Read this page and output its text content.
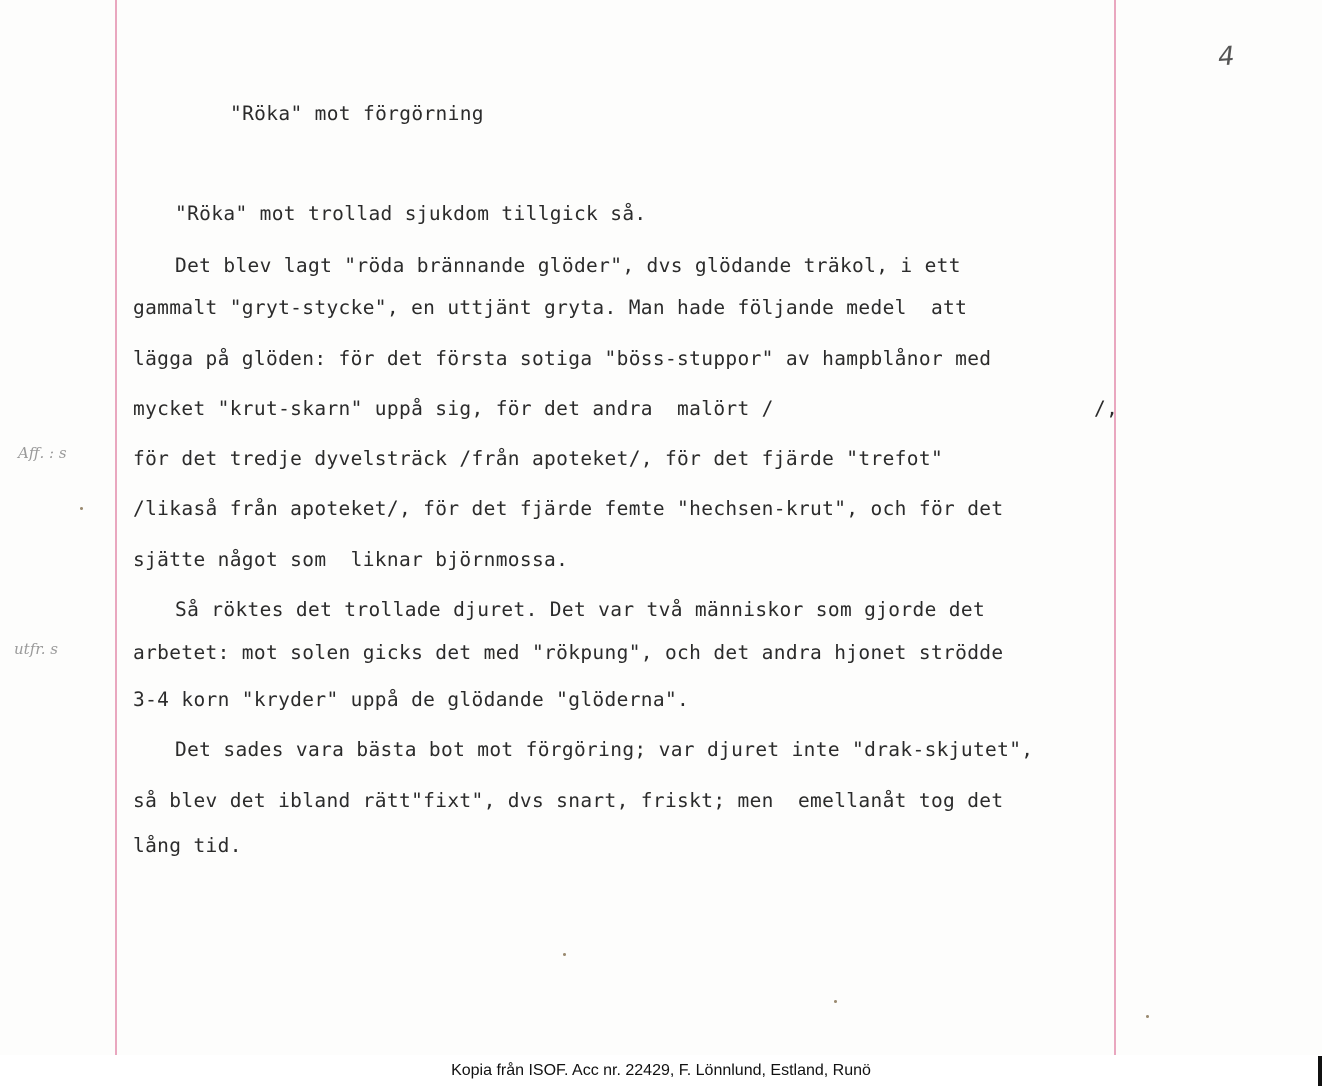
4
"Röka" mot förgörning
"Röka" mot trollad sjukdom tillgick så.
Det blev lagt "röda brännande glöder", dvs glödande träkol, i ett
gammalt "gryt-stycke", en uttjänt gryta. Man hade följande medel  att
lägga på glöden: för det första sotiga "böss-stuppor" av hampblånor med
mycket "krut-skarn" uppå sig, för det andra  malört /	/,
för det tredje dyvelsträck /från apoteket/, för det fjärde "trefot"
/likaså från apoteket/, för det fjärde femte "hechsen-krut", och för det
sjätte något som  liknar björnmossa.
Så röktes det trollade djuret. Det var två människor som gjorde det
arbetet: mot solen gicks det med "rökpung", och det andra hjonet strödde
3-4 korn "kryder" uppå de glödande "glöderna".
Det sades vara bästa bot mot förgöring; var djuret inte "drak-skjutet",
så blev det ibland rätt"fixt", dvs snart, friskt; men  emellanåt tog det
lång tid.
Aff. : s
utfr. s
Kopia från ISOF. Acc nr. 22429, F. Lönnlund, Estland, Runö
